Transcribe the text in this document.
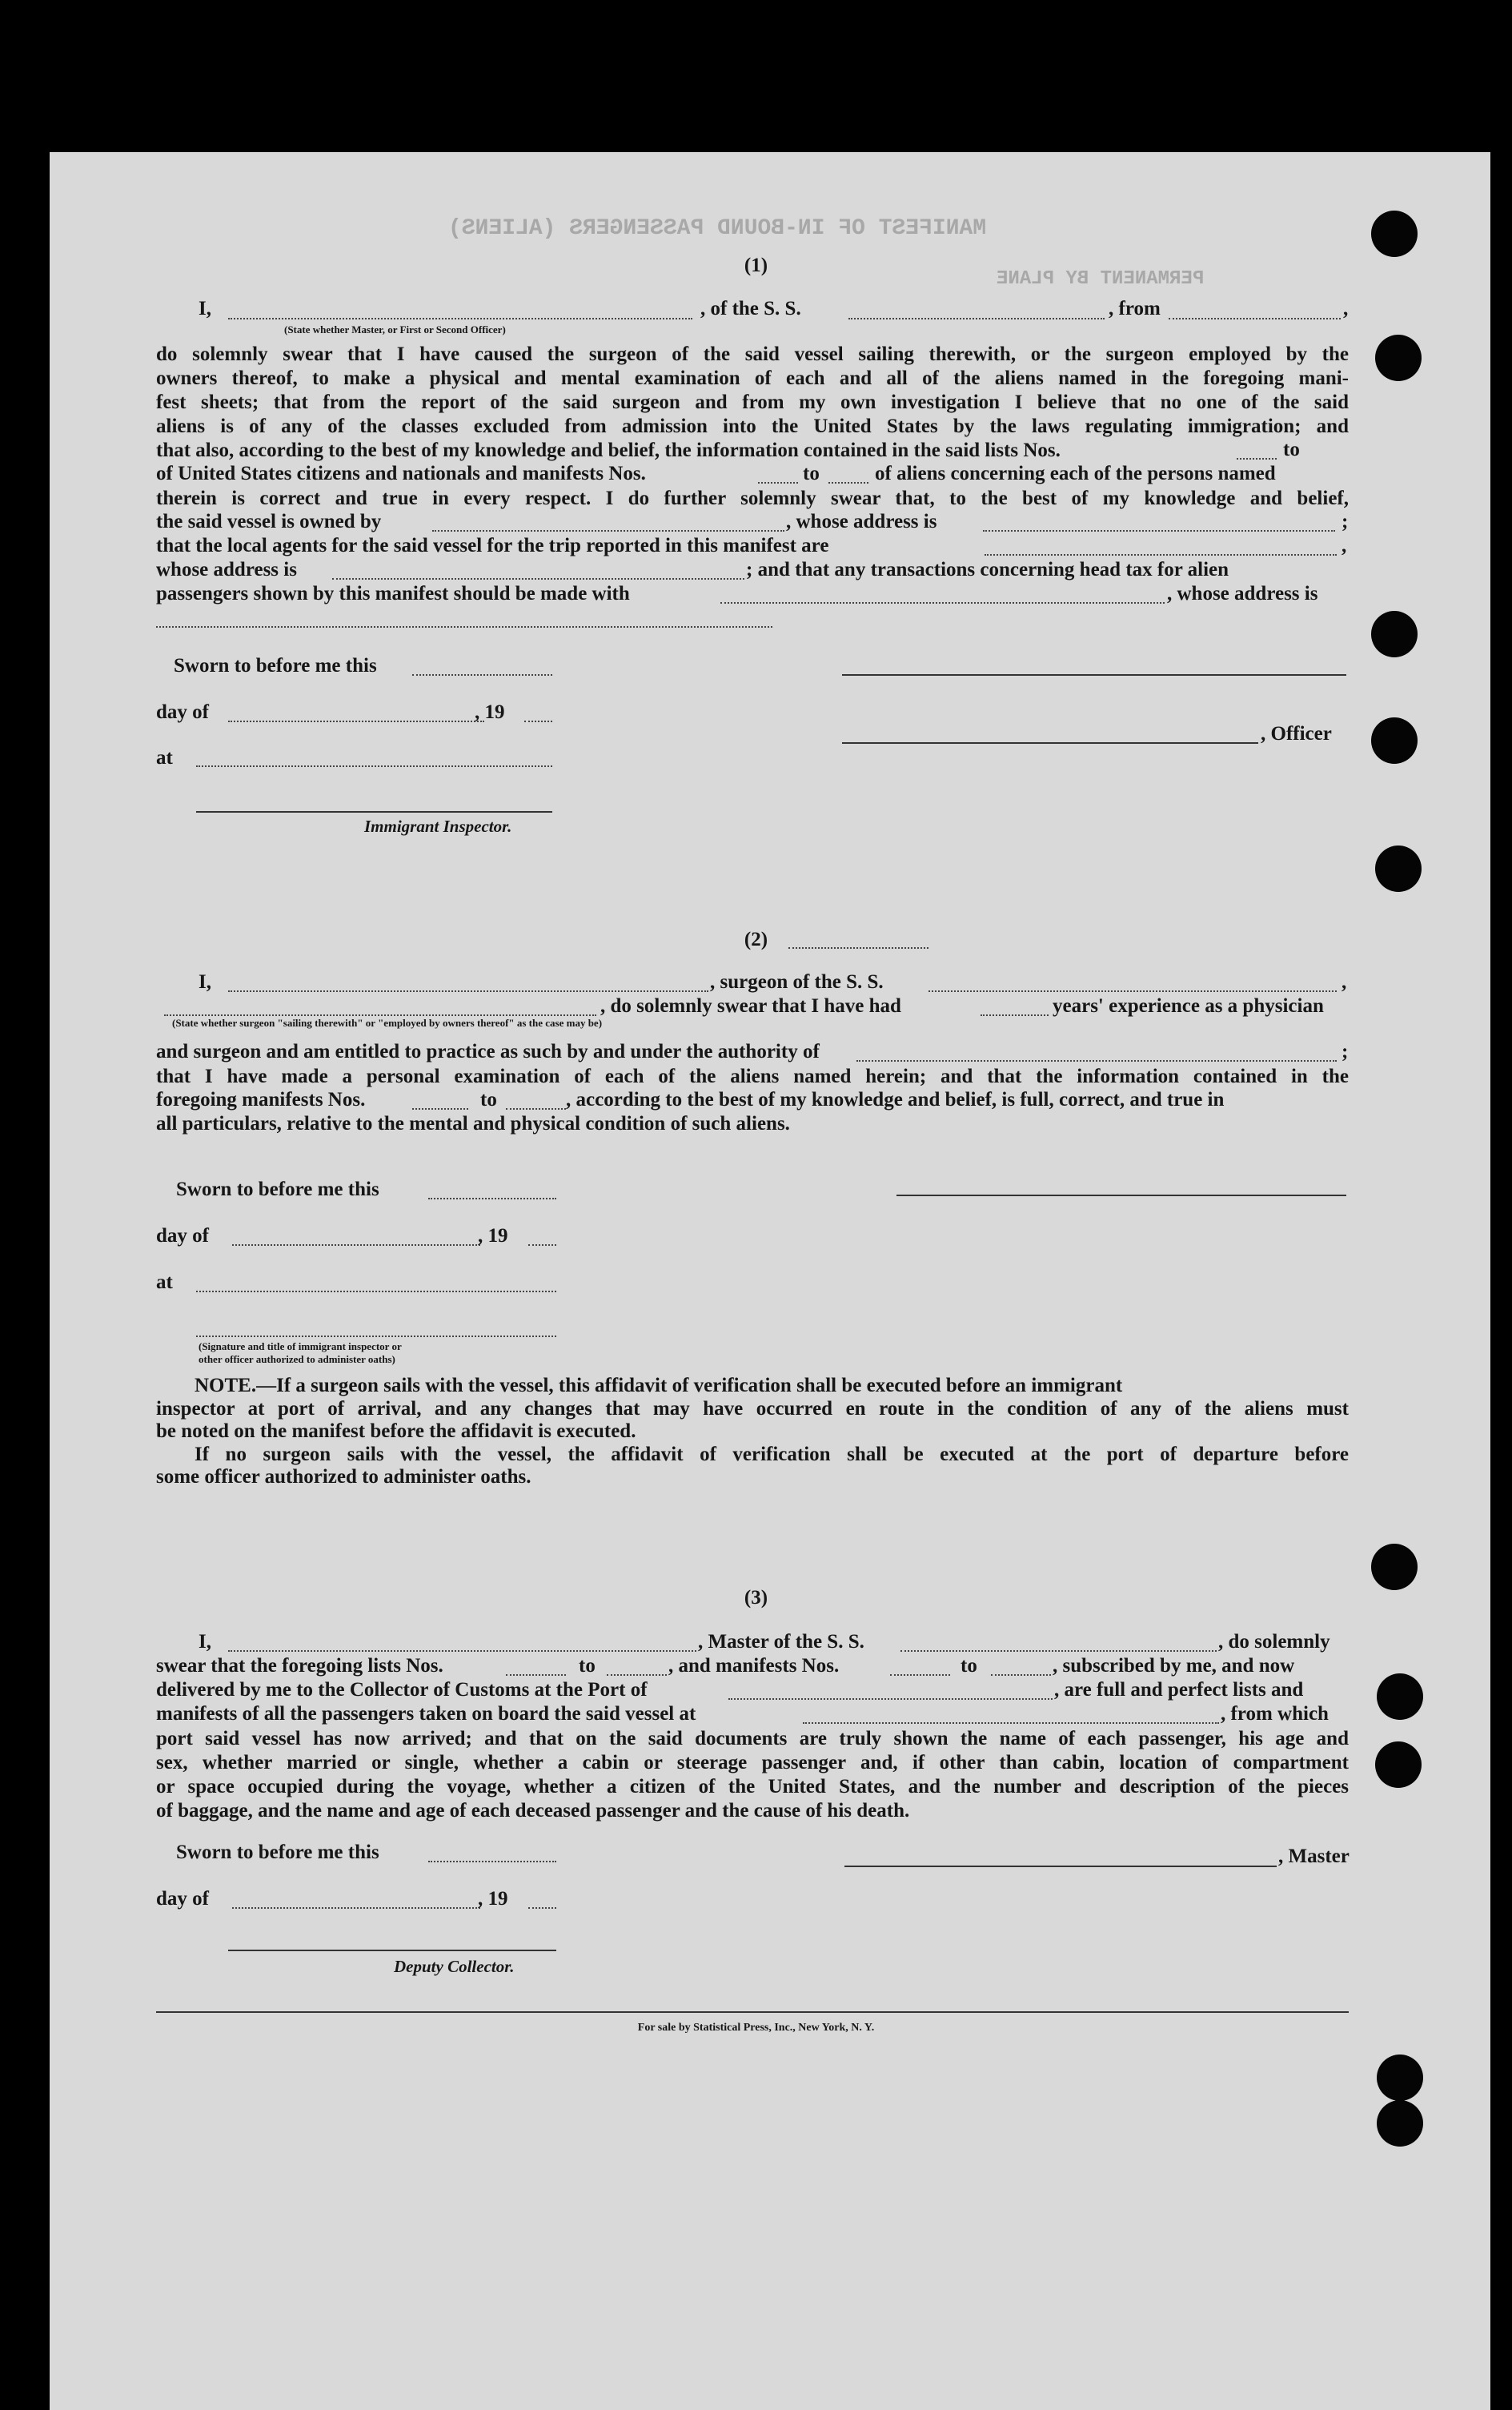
MANIFEST OF IN-BOUND PASSENGERS (ALIENS)
PERMANENT BY PLANE
(1)
I,	, of the S. S.	, from	,
(State whether Master, or First or Second Officer)
do solemnly swear that I have caused the surgeon of the said vessel sailing therewith, or the surgeon employed by the
owners thereof, to make a physical and mental examination of each and all of the aliens named in the foregoing mani-
fest sheets; that from the report of the said surgeon and from my own investigation I believe that no one of the said
aliens is of any of the classes excluded from admission into the United States by the laws regulating immigration; and
that also, according to the best of my knowledge and belief, the information contained in the said lists Nos.	to
of United States citizens and nationals and manifests Nos.	to	of aliens concerning each of the persons named
therein is correct and true in every respect. I do further solemnly swear that, to the best of my knowledge and belief,
the said vessel is owned by	, whose address is	;
that the local agents for the said vessel for the trip reported in this manifest are	,
whose address is	; and that any transactions concerning head tax for alien
passengers shown by this manifest should be made with	, whose address is
Sworn to before me this
day of	, 19
, Officer
at
Immigrant Inspector.
(2)
I,	, surgeon of the S. S.	,
(State whether surgeon "sailing therewith" or "employed by owners thereof" as the case may be)
, do solemnly swear that I have had	years' experience as a physician
and surgeon and am entitled to practice as such by and under the authority of	;
that I have made a personal examination of each of the aliens named herein; and that the information contained in the
foregoing manifests Nos.	to	, according to the best of my knowledge and belief, is full, correct, and true in
all particulars, relative to the mental and physical condition of such aliens.
Sworn to before me this
day of	, 19
at
(Signature and title of immigrant inspector or
other officer authorized to administer oaths)
NOTE.—If a surgeon sails with the vessel, this affidavit of verification shall be executed before an immigrant
inspector at port of arrival, and any changes that may have occurred en route in the condition of any of the aliens must
be noted on the manifest before the affidavit is executed.
If no surgeon sails with the vessel, the affidavit of verification shall be executed at the port of departure before
some officer authorized to administer oaths.
(3)
I,	, Master of the S. S.	, do solemnly
swear that the foregoing lists Nos.	to	, and manifests Nos.	to	, subscribed by me, and now
delivered by me to the Collector of Customs at the Port of	, are full and perfect lists and
manifests of all the passengers taken on board the said vessel at	, from which
port said vessel has now arrived; and that on the said documents are truly shown the name of each passenger, his age and
sex, whether married or single, whether a cabin or steerage passenger and, if other than cabin, location of compartment
or space occupied during the voyage, whether a citizen of the United States, and the number and description of the pieces
of baggage, and the name and age of each deceased passenger and the cause of his death.
Sworn to before me this	, Master
day of	, 19
Deputy Collector.
For sale by Statistical Press, Inc., New York, N. Y.
